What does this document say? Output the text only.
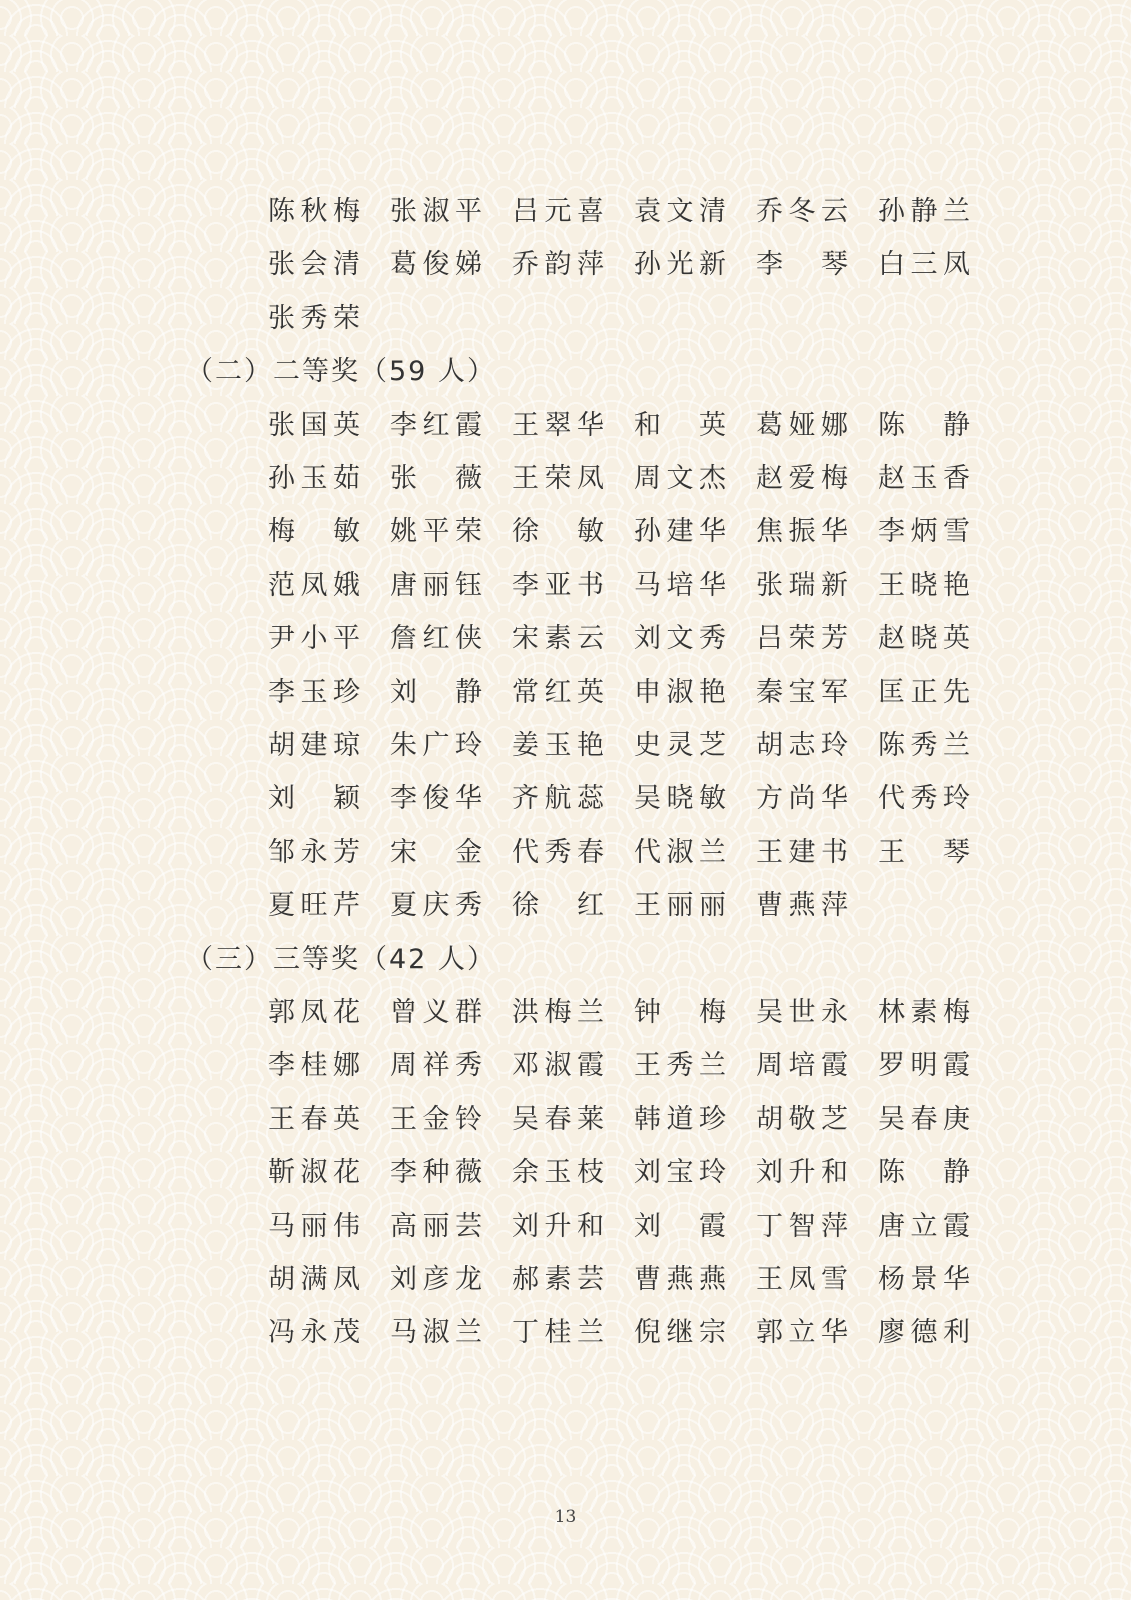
陈秋梅 张淑平 吕元喜 袁文清 乔冬云 孙静兰
张会清 葛俊娣 乔韵萍 孙光新 李琴 白三凤
张秀荣
（二）二等奖（59 人）
张国英 李红霞 王翠华 和英 葛娅娜 陈静
孙玉茹 张薇 王荣凤 周文杰 赵爱梅 赵玉香
梅敏 姚平荣 徐敏 孙建华 焦振华 李炳雪
范凤娥 唐丽钰 李亚书 马培华 张瑞新 王晓艳
尹小平 詹红侠 宋素云 刘文秀 吕荣芳 赵晓英
李玉珍 刘静 常红英 申淑艳 秦宝军 匡正先
胡建琼 朱广玲 姜玉艳 史灵芝 胡志玲 陈秀兰
刘颖 李俊华 齐航蕊 吴晓敏 方尚华 代秀玲
邹永芳 宋金 代秀春 代淑兰 王建书 王琴
夏旺芹 夏庆秀 徐红 王丽丽 曹燕萍
（三）三等奖（42 人）
郭凤花 曾义群 洪梅兰 钟梅 吴世永 林素梅
李桂娜 周祥秀 邓淑霞 王秀兰 周培霞 罗明霞
王春英 王金铃 吴春莱 韩道珍 胡敬芝 吴春庚
靳淑花 李种薇 余玉枝 刘宝玲 刘升和 陈静
马丽伟 高丽芸 刘升和 刘霞 丁智萍 唐立霞
胡满凤 刘彦龙 郝素芸 曹燕燕 王凤雪 杨景华
冯永茂 马淑兰 丁桂兰 倪继宗 郭立华 廖德利
13
